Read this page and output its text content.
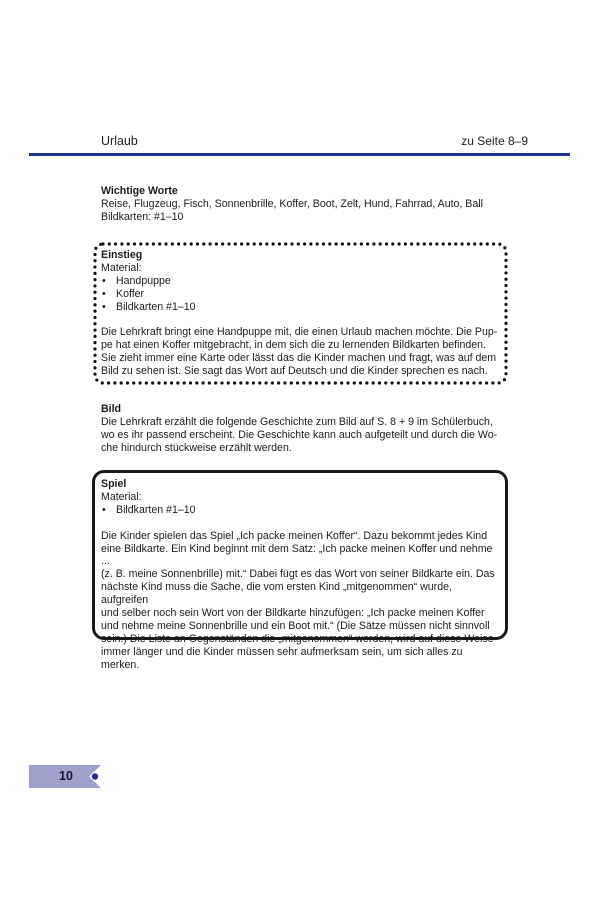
Urlaub	zu Seite 8–9

Wichtige Worte

Reise, Flugzeug, Fisch, Sonnenbrille, Koffer, Boot, Zelt, Hund, Fahrrad, Auto, Ball

Bildkarten: #1–10

Einstieg

Material:

• Handpuppe
• Koffer
• Bildkarten #1–10

Die Lehrkraft bringt eine Handpuppe mit, die einen Urlaub machen möchte. Die Pup-

pe hat einen Koffer mitgebracht, in dem sich die zu lernenden Bildkarten befinden.

Sie zieht immer eine Karte oder lässt das die Kinder machen und fragt, was auf dem

Bild zu sehen ist. Sie sagt das Wort auf Deutsch und die Kinder sprechen es nach.

Bild

Die Lehrkraft erzählt die folgende Geschichte zum Bild auf S. 8 + 9 im Schülerbuch,

wo es ihr passend erscheint. Die Geschichte kann auch aufgeteilt und durch die Wo-

che hindurch stückweise erzählt werden.

Spiel

Material:

• Bildkarten #1–10

Die Kinder spielen das Spiel „Ich packe meinen Koffer“. Dazu bekommt jedes Kind

eine Bildkarte. Ein Kind beginnt mit dem Satz: „Ich packe meinen Koffer und nehme ...

(z. B. meine Sonnenbrille) mit.“ Dabei fügt es das Wort von seiner Bildkarte ein. Das

nächste Kind muss die Sache, die vom ersten Kind „mitgenommen“ wurde, aufgreifen

und selber noch sein Wort von der Bildkarte hinzufügen: „Ich packe meinen Koffer

und nehme meine Sonnenbrille und ein Boot mit.“ (Die Sätze müssen nicht sinnvoll

sein.) Die Liste an Gegenständen die „mitgenommen“ werden, wird auf diese Weise

immer länger und die Kinder müssen sehr aufmerksam sein, um sich alles zu merken.

10
